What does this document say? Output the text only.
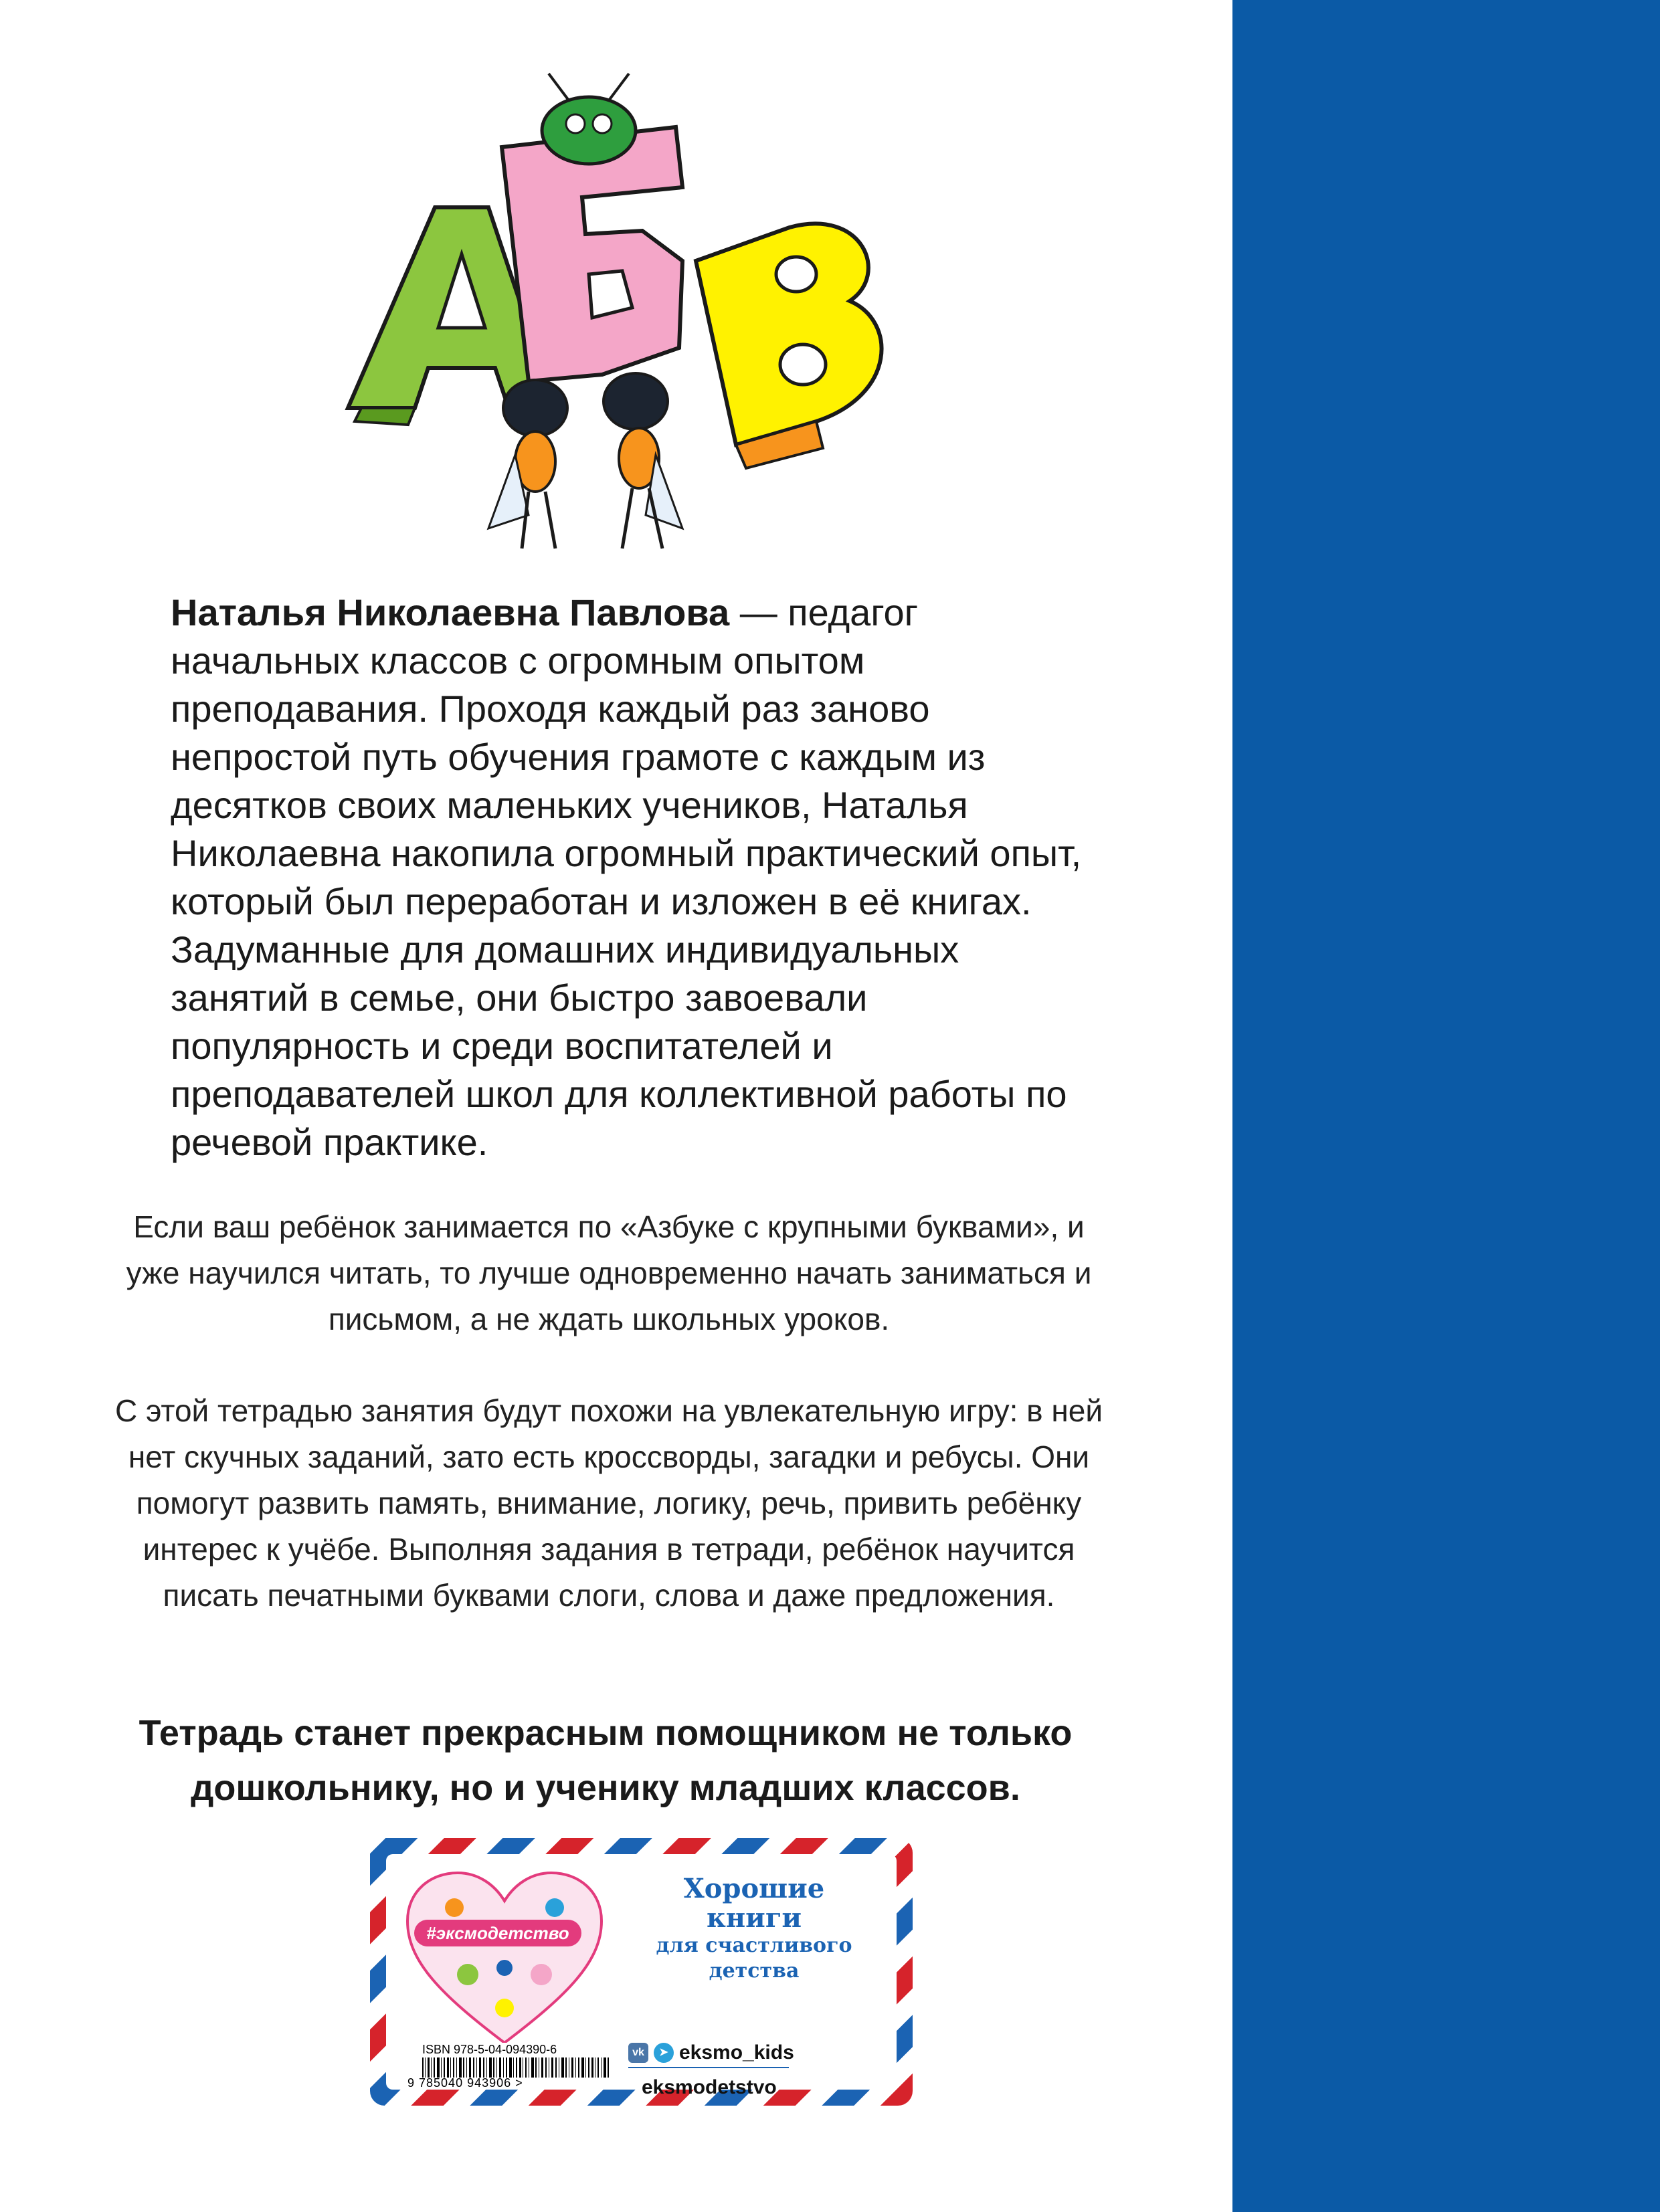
Наталья Николаевна Павлова — педагог начальных классов с огромным опытом преподавания. Проходя каждый раз заново непростой путь обучения грамоте с каждым из десятков своих маленьких учеников, Наталья Николаевна накопила огромный практический опыт, который был переработан и изложен в её книгах. Задуманные для домашних индивидуальных занятий в семье, они быстро завоевали популярность и среди воспитателей и преподавателей школ для коллективной работы по речевой практике.
Если ваш ребёнок занимается по «Азбуке с крупными буквами», и уже научился читать, то лучше одновременно начать заниматься и письмом, а не ждать школьных уроков.
С этой тетрадью занятия будут похожи на увлекательную игру: в ней нет скучных заданий, зато есть кроссворды, загадки и ребусы. Они помогут развить память, внимание, логику, речь, привить ребёнку интерес к учёбе. Выполняя задания в тетради, ребёнок научится писать печатными буквами слоги, слова и даже предложения.
Тетрадь станет прекрасным помощником не только дошкольнику, но и ученику младших классов.
#эксмодетство
Хорошие
книги
для счастливого
детства
ISBN 978-5-04-094390-6
9 785040 943906 >
vk	➤ eksmo_kids
eksmodetstvo
